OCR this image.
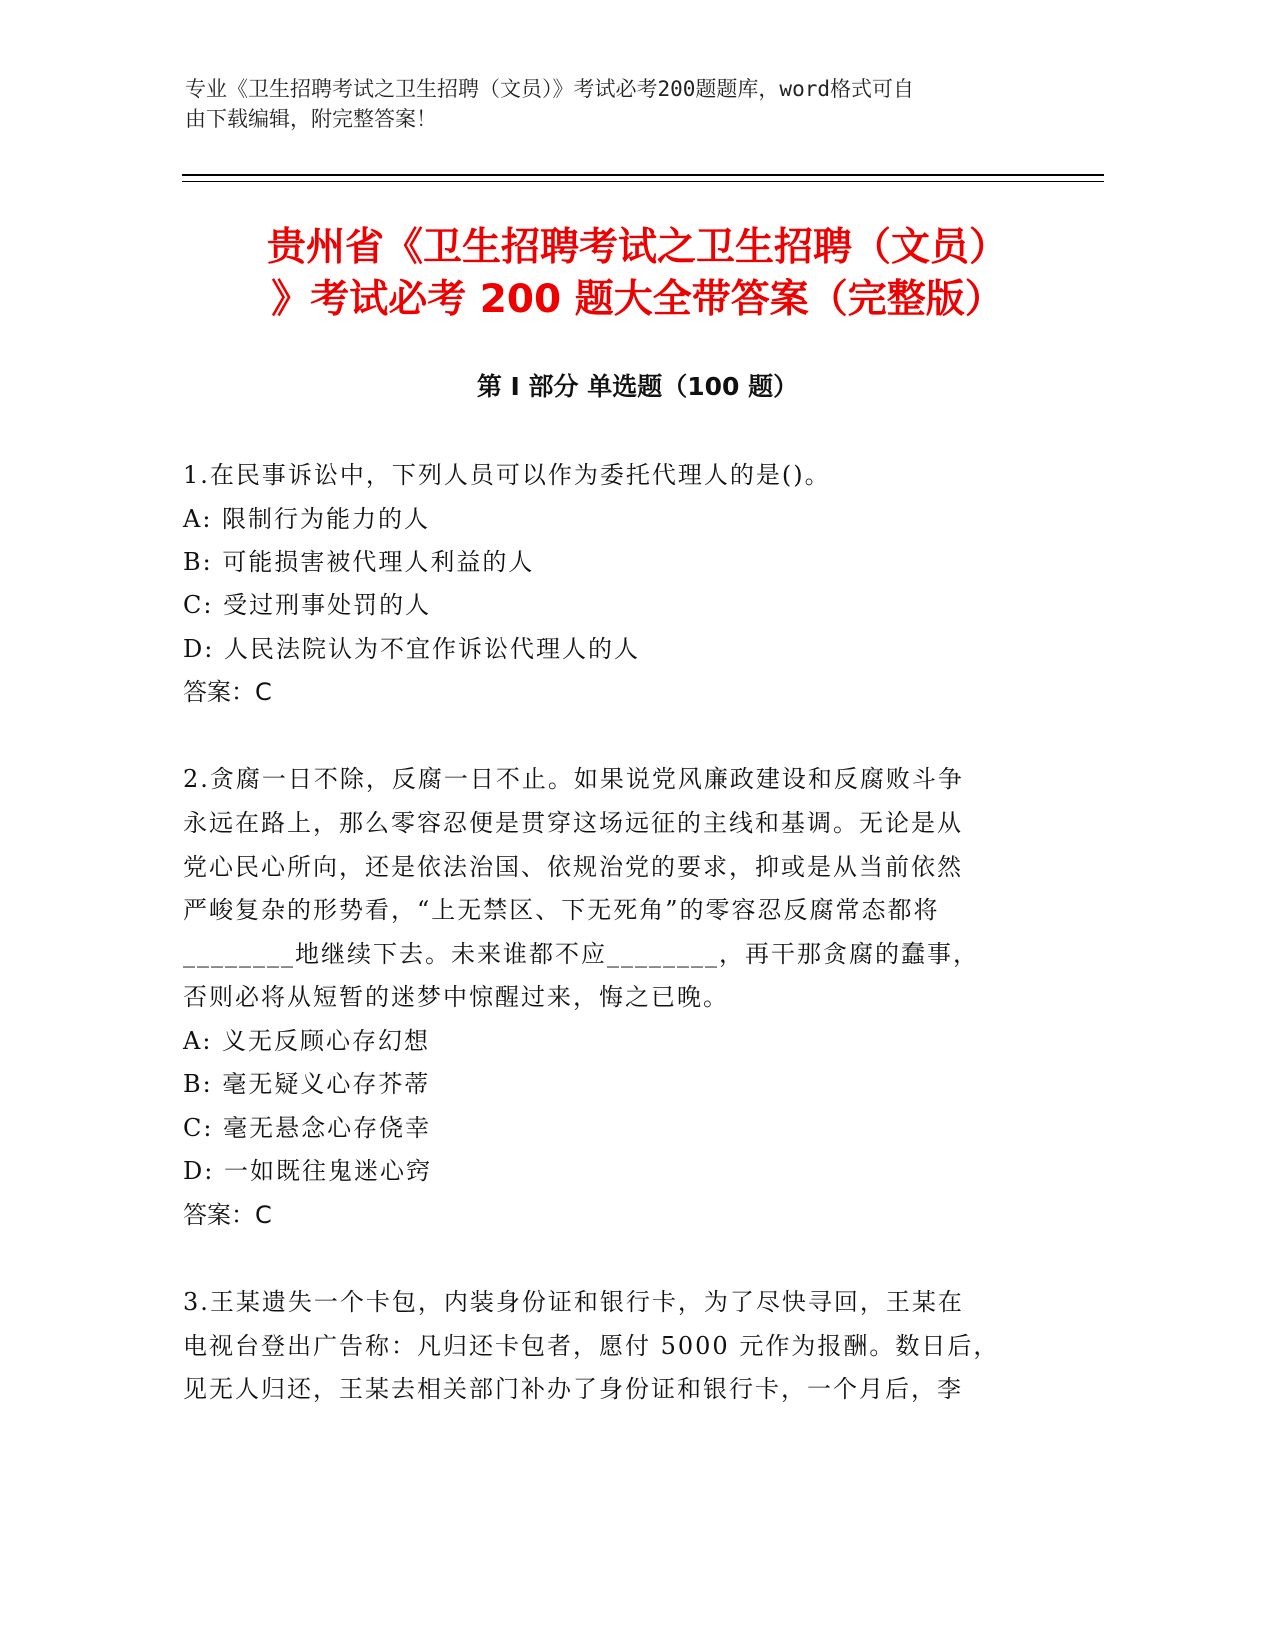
专业《卫生招聘考试之卫生招聘（文员）》考试必考200题题库，word格式可自

由下载编辑，附完整答案！

贵州省《卫生招聘考试之卫生招聘（文员）
》考试必考 200 题大全带答案（完整版）
第 I 部分 单选题（100 题）

1.在民事诉讼中，下列人员可以作为委托代理人的是()。

A: 限制行为能力的人

B: 可能损害被代理人利益的人

C: 受过刑事处罚的人

D: 人民法院认为不宜作诉讼代理人的人

答案：C

2.贪腐一日不除，反腐一日不止。如果说党风廉政建设和反腐败斗争

永远在路上，那么零容忍便是贯穿这场远征的主线和基调。无论是从

党心民心所向，还是依法治国、依规治党的要求，抑或是从当前依然

严峻复杂的形势看，“上无禁区、下无死角”的零容忍反腐常态都将

________地继续下去。未来谁都不应________，再干那贪腐的蠢事，

否则必将从短暂的迷梦中惊醒过来，悔之已晚。

A: 义无反顾心存幻想

B: 毫无疑义心存芥蒂

C: 毫无悬念心存侥幸

D: 一如既往鬼迷心窍

答案：C

3.王某遗失一个卡包，内装身份证和银行卡，为了尽快寻回，王某在

电视台登出广告称：凡归还卡包者，愿付 5000 元作为报酬。数日后，

见无人归还，王某去相关部门补办了身份证和银行卡，一个月后，李
